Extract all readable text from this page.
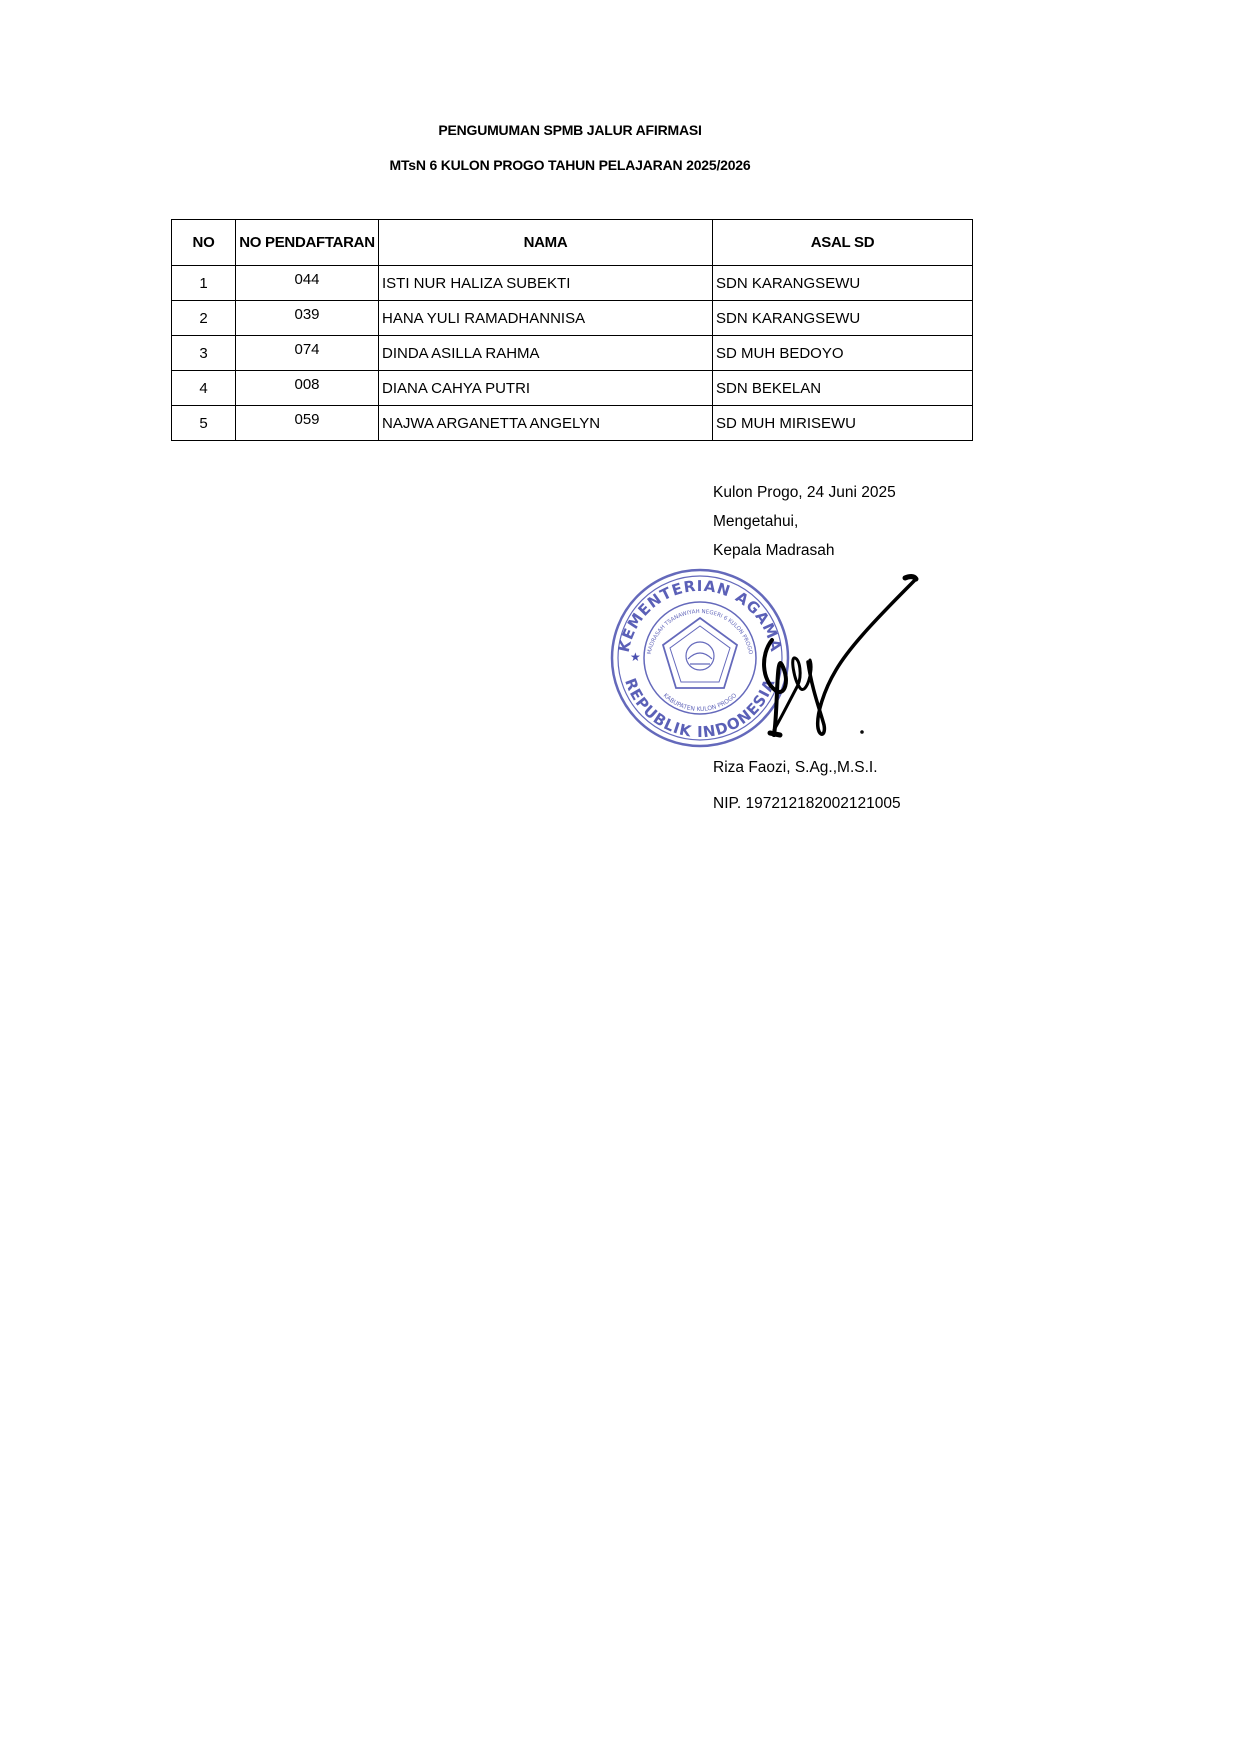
PENGUMUMAN SPMB JALUR AFIRMASI
MTsN 6 KULON PROGO TAHUN PELAJARAN 2025/2026
NO	NO PENDAFTARAN	NAMA	ASAL SD
1	044	ISTI NUR HALIZA SUBEKTI	SDN KARANGSEWU
2	039	HANA YULI RAMADHANNISA	SDN KARANGSEWU
3	074	DINDA ASILLA RAHMA	SD MUH BEDOYO
4	008	DIANA CAHYA PUTRI	SDN BEKELAN
5	059	NAJWA ARGANETTA ANGELYN	SD MUH MIRISEWU
Kulon Progo, 24 Juni 2025
Mengetahui,
Kepala Madrasah
KEMENTERIAN AGAMA
REPUBLIK INDONESIA
MADRASAH TSANAWIYAH NEGERI 6 KULON PROGO
KABUPATEN KULON PROGO
★
Riza Faozi, S.Ag.,M.S.I.
NIP. 197212182002121005
